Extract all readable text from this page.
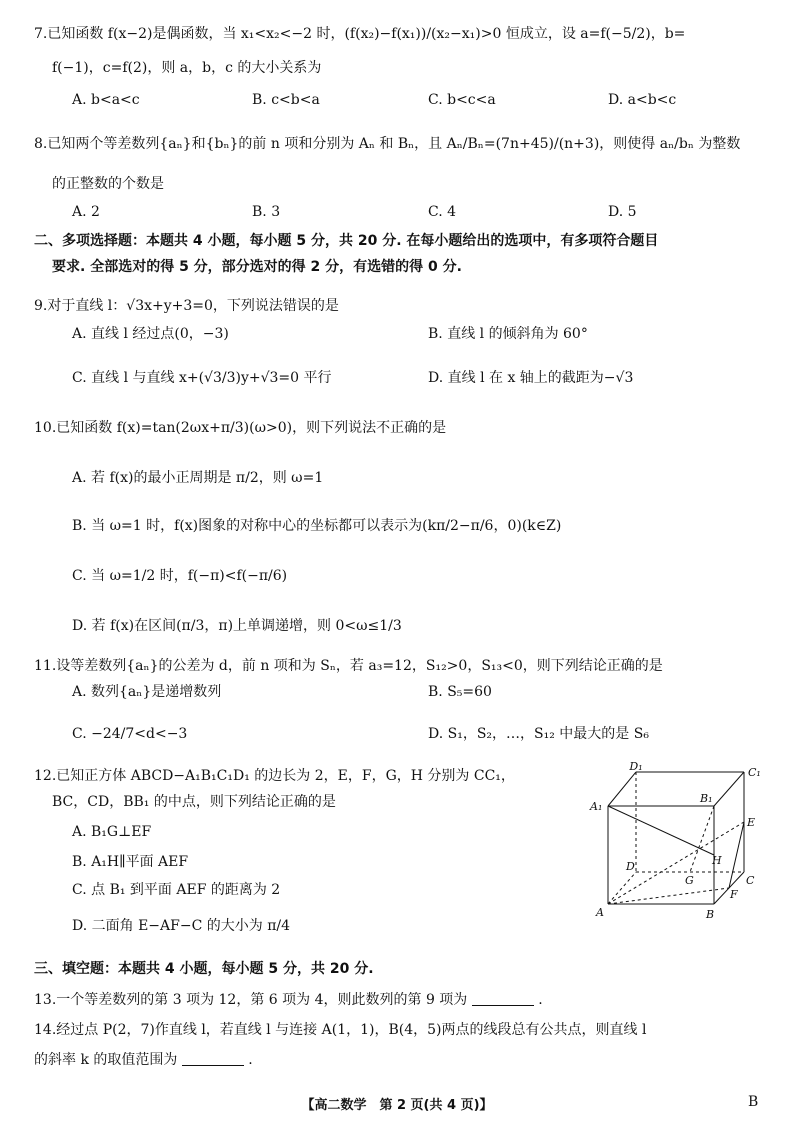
7.已知函数 f(x−2)是偶函数，当 x₁<x₂<−2 时，(f(x₂)−f(x₁))/(x₂−x₁)>0 恒成立，设 a=f(−5/2)，b=
f(−1)，c=f(2)，则 a，b，c 的大小关系为
A. b<a<c	B. c<b<a	C. b<c<a	D. a<b<c
8.已知两个等差数列{aₙ}和{bₙ}的前 n 项和分别为 Aₙ 和 Bₙ，且 Aₙ/Bₙ=(7n+45)/(n+3)，则使得 aₙ/bₙ 为整数
的正整数的个数是
A. 2	B. 3	C. 4	D. 5
二、多项选择题：本题共 4 小题，每小题 5 分，共 20 分. 在每小题给出的选项中，有多项符合题目
要求. 全部选对的得 5 分，部分选对的得 2 分，有选错的得 0 分.
9.对于直线 l：√3x+y+3=0，下列说法错误的是
A. 直线 l 经过点(0，−3)	B. 直线 l 的倾斜角为 60°
C. 直线 l 与直线 x+(√3/3)y+√3=0 平行	D. 直线 l 在 x 轴上的截距为−√3
10.已知函数 f(x)=tan(2ωx+π/3)(ω>0)，则下列说法不正确的是
A. 若 f(x)的最小正周期是 π/2，则 ω=1
B. 当 ω=1 时，f(x)图象的对称中心的坐标都可以表示为(kπ/2−π/6，0)(k∈Z)
C. 当 ω=1/2 时，f(−π)<f(−π/6)
D. 若 f(x)在区间(π/3，π)上单调递增，则 0<ω≤1/3
11.设等差数列{aₙ}的公差为 d，前 n 项和为 Sₙ，若 a₃=12，S₁₂>0，S₁₃<0，则下列结论正确的是
A. 数列{aₙ}是递增数列	B. S₅=60
C. −24/7<d<−3	D. S₁，S₂，…，S₁₂ 中最大的是 S₆
12.已知正方体 ABCD−A₁B₁C₁D₁ 的边长为 2，E，F，G，H 分别为 CC₁，
BC，CD，BB₁ 的中点，则下列结论正确的是
A. B₁G⊥EF
B. A₁H∥平面 AEF
C. 点 B₁ 到平面 AEF 的距离为 2
D. 二面角 E−AF−C 的大小为 π/4
D₁	C₁
A₁
B₁
E
D	H
G	C
F
A	B
三、填空题：本题共 4 小题，每小题 5 分，共 20 分.
13.一个等差数列的第 3 项为 12，第 6 项为 4，则此数列的第 9 项为	.
14.经过点 P(2，7)作直线 l，若直线 l 与连接 A(1，1)，B(4，5)两点的线段总有公共点，则直线 l
的斜率 k 的取值范围为	.
【高二数学　第 2 页(共 4 页)】	B
